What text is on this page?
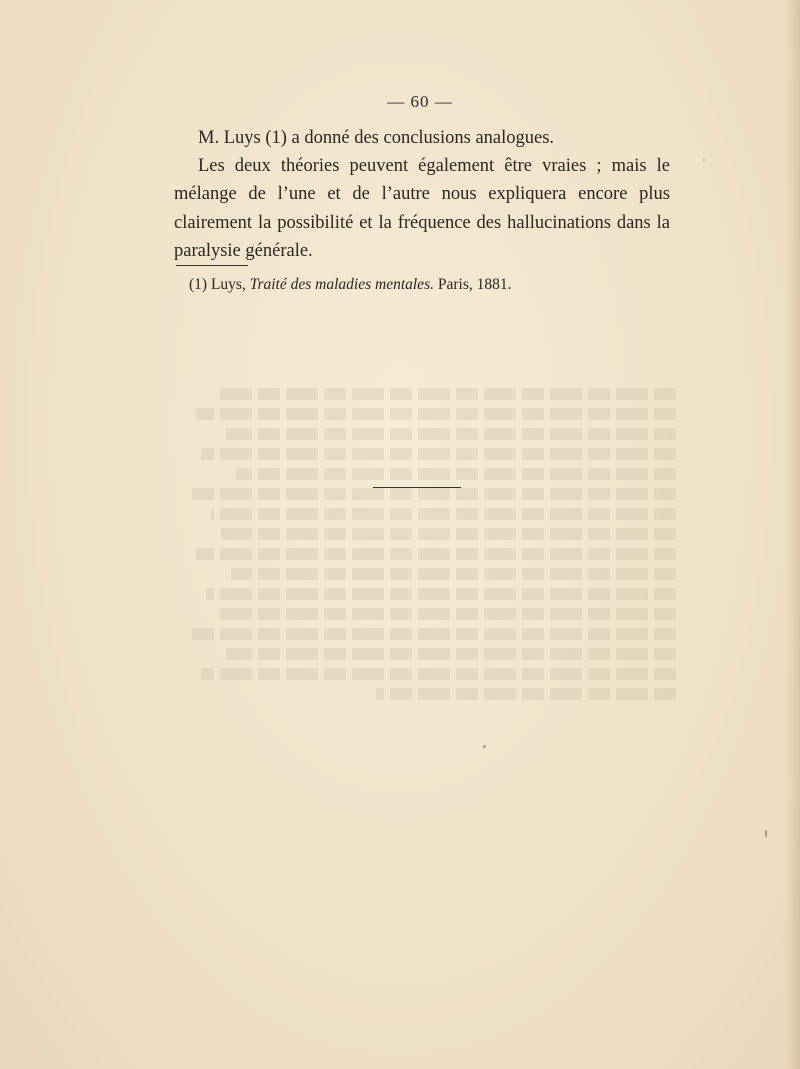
— 60 —

M. Luys (1) a donné des conclusions analogues.

Les deux théories peuvent également être vraies ; mais le mélange de l’une et de l’autre nous expliquera encore plus clairement la possibilité et la fréquence des hallucinations dans la paralysie générale.

(1) Luys, Traité des maladies mentales. Paris, 1881.
